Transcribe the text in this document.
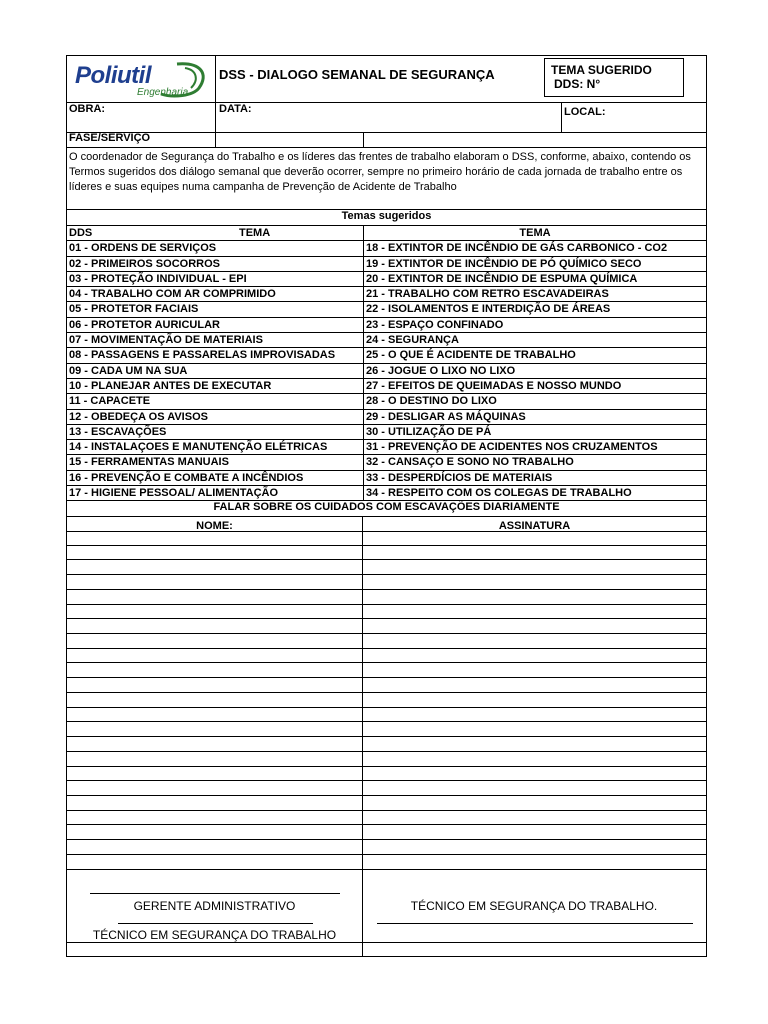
Poliutil
Engenharia
DSS - DIALOGO SEMANAL DE SEGURANÇA	TEMA SUGERIDO
DDS: N°
OBRA:	DATA:	LOCAL:
FASE/SERVIÇO
O coordenador de Segurança do Trabalho e os líderes das frentes de trabalho elaboram o DSS, conforme, abaixo, contendo os Termos sugeridos dos diálogo semanal que deverão ocorrer, sempre no primeiro horário de cada jornada de trabalho entre os líderes e suas equipes numa campanha de Prevenção de Acidente de Trabalho
Temas sugeridos
DDS	TEMA	TEMA
01 - ORDENS DE SERVIÇOS	18 - EXTINTOR DE INCÊNDIO DE GÁS CARBONICO - CO2
02 - PRIMEIROS SOCORROS	19 - EXTINTOR DE INCÊNDIO DE PÓ QUÍMICO SECO
03 - PROTEÇÃO INDIVIDUAL - EPI	20 - EXTINTOR DE INCÊNDIO DE ESPUMA QUÍMICA
04 - TRABALHO COM AR COMPRIMIDO	21 - TRABALHO COM RETRO ESCAVADEIRAS
05 - PROTETOR FACIAIS	22 - ISOLAMENTOS E INTERDIÇÃO DE ÁREAS
06 - PROTETOR AURICULAR	23 - ESPAÇO CONFINADO
07 - MOVIMENTAÇÃO DE MATERIAIS	24 - SEGURANÇA
08 - PASSAGENS E PASSARELAS IMPROVISADAS	25 - O QUE É ACIDENTE DE TRABALHO
09 - CADA UM NA SUA	26 - JOGUE O LIXO NO LIXO
10 - PLANEJAR ANTES DE EXECUTAR	27 - EFEITOS DE QUEIMADAS E NOSSO MUNDO
11 - CAPACETE	28 - O DESTINO DO LIXO
12 - OBEDEÇA OS AVISOS	29 - DESLIGAR AS MÁQUINAS
13 - ESCAVAÇÕES	30 - UTILIZAÇÃO DE PÁ
14 - INSTALAÇOES E MANUTENÇÃO ELÉTRICAS	31 - PREVENÇÃO DE ACIDENTES NOS CRUZAMENTOS
15 - FERRAMENTAS MANUAIS	32 - CANSAÇO E SONO NO TRABALHO
16 - PREVENÇÃO E COMBATE A INCÊNDIOS	33 - DESPERDÍCIOS DE MATERIAIS
17 - HIGIENE PESSOAL/ ALIMENTAÇÃO	34 - RESPEITO COM OS COLEGAS DE TRABALHO
FALAR SOBRE OS CUIDADOS COM ESCAVAÇÕES DIARIAMENTE
NOME:	ASSINATURA
GERENTE ADMINISTRATIVO
TÉCNICO EM SEGURANÇA DO TRABALHO
TÉCNICO EM SEGURANÇA DO TRABALHO.
